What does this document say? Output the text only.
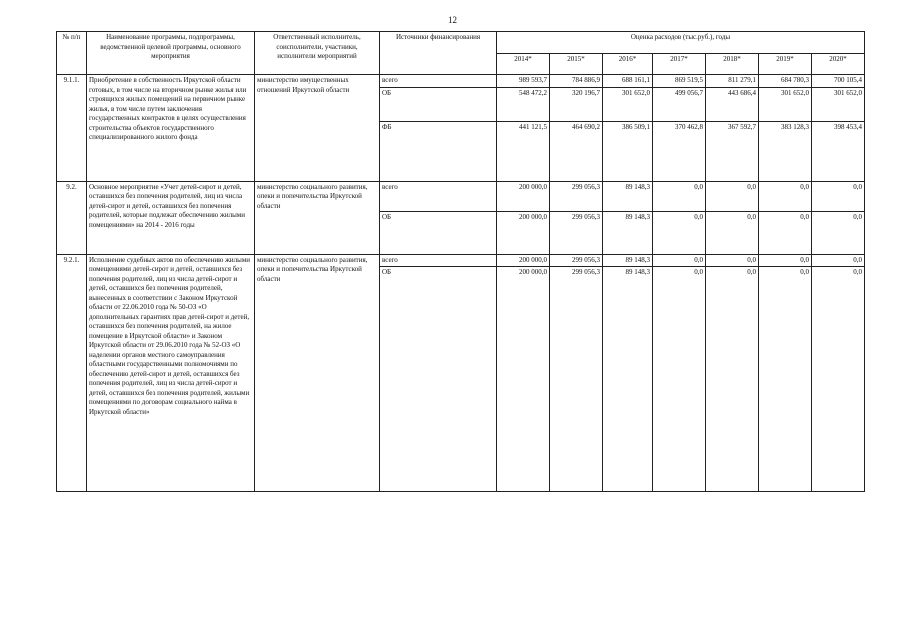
12
№ п/п	Наименование программы, подпрограммы, ведомственной целевой программы, основного мероприятия	Ответственный исполнитель, соисполнители, участники, исполнители мероприятий	Источники финансирования	Оценка расходов (тыс.руб.), годы						
				2014*	2015*	2016*	2017*	2018*	2019*	2020*
9.1.1.	Приобретение в собственность Иркутской области готовых, в том числе на вторичном рынке жилья или строящихся жилых помещений на первичном рынке жилья, в том числе путем заключения государственных контрактов в целях осуществления строительства объектов государственного специализированного жилого фонда	министерство имущественных отношений Иркутской области	всего	989 593,7	784 886,9	688 161,1	869 519,5	811 279,1	684 780,3	700 105,4
			ОБ	548 472,2	320 196,7	301 652,0	499 056,7	443 686,4	301 652,0	301 652,0
			ФБ	441 121,5	464 690,2	386 509,1	370 462,8	367 592,7	383 128,3	398 453,4
9.2.	Основное мероприятие «Учет детей-сирот и детей, оставшихся без попечения родителей, лиц из числа детей-сирот и детей, оставшихся без попечения родителей, которые подлежат обеспечению жилыми помещениями» на 2014 - 2016 годы	министерство социального развития, опеки и попечительства Иркутской области	всего	200 000,0	299 056,3	89 148,3	0,0	0,0	0,0	0,0
			ОБ	200 000,0	299 056,3	89 148,3	0,0	0,0	0,0	0,0
9.2.1.	Исполнение судебных актов по обеспечению жилыми помещениями детей-сирот и детей, оставшихся без попечения родителей, лиц из числа детей-сирот и детей, оставшихся без попечения родителей, вынесенных в соответствии с Законом Иркутской области от 22.06.2010 года № 50-ОЗ «О дополнительных гарантиях прав детей-сирот и детей, оставшихся без попечения родителей, на жилое помещение в Иркутской области» и Законом Иркутской области от 29.06.2010 года № 52-ОЗ «О наделении органов местного самоуправления областными государственными полномочиями по обеспечению детей-сирот и детей, оставшихся без попечения родителей, лиц из числа детей-сирот и детей, оставшихся без попечения родителей, жилыми помещениями по договорам социального найма в Иркутской области»	министерство социального развития, опеки и попечительства Иркутской области	всего	200 000,0	299 056,3	89 148,3	0,0	0,0	0,0	0,0
			ОБ	200 000,0	299 056,3	89 148,3	0,0	0,0	0,0	0,0
